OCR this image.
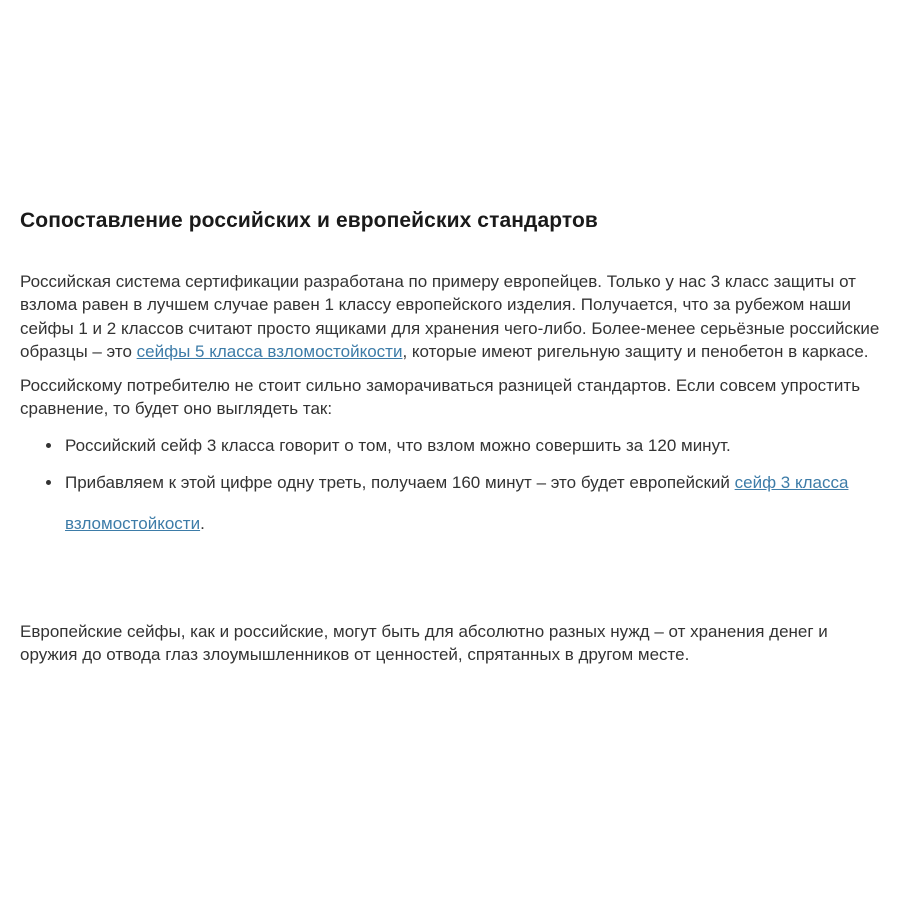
Сопоставление российских и европейских стандартов

Российская система сертификации разработана по примеру европейцев. Только у нас 3 класс защиты от взлома равен в лучшем случае равен 1 классу европейского изделия. Получается, что за рубежом наши сейфы 1 и 2 классов считают просто ящиками для хранения чего-либо. Более-менее серьёзные российские образцы – это сейфы 5 класса взломостойкости, которые имеют ригельную защиту и пенобетон в каркасе.

Российскому потребителю не стоит сильно заморачиваться разницей стандартов. Если совсем упростить сравнение, то будет оно выглядеть так:

• Российский сейф 3 класса говорит о том, что взлом можно совершить за 120 минут.
• Прибавляем к этой цифре одну треть, получаем 160 минут – это будет европейский сейф 3 класса взломостойкости.

Европейские сейфы, как и российские, могут быть для абсолютно разных нужд – от хранения денег и оружия до отвода глаз злоумышленников от ценностей, спрятанных в другом месте.
